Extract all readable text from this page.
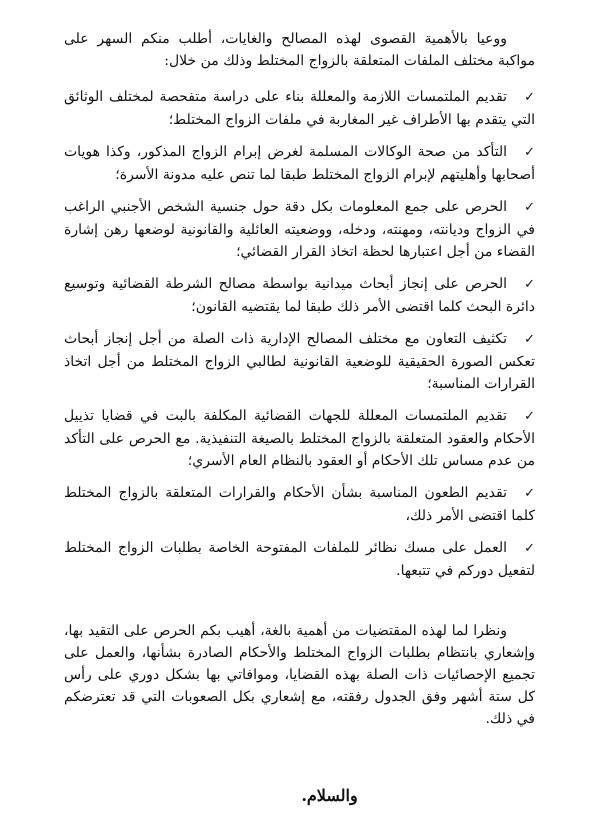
ووعيا بالأهمية القصوى لهذه المصالح والغايات، أطلب منكم السهر على مواكبة مختلف الملفات المتعلقة بالزواج المختلط وذلك من خلال:

✓تقديم الملتمسات اللازمة والمعللة بناء على دراسة متفحصة لمختلف الوثائق التي يتقدم بها الأطراف غير المغاربة في ملفات الزواج المختلط؛
✓التأكد من صحة الوكالات المسلمة لغرض إبرام الزواج المذكور، وكذا هويات أصحابها وأهليتهم لإبرام الزواج المختلط طبقا لما تنص عليه مدونة الأسرة؛
✓الحرص على جمع المعلومات بكل دقة حول جنسية الشخص الأجنبي الراغب في الزواج وديانته، ومهنته، ودخله، ووضعيته العائلية والقانونية لوضعها رهن إشارة القضاء من أجل اعتبارها لحظة اتخاذ القرار القضائي؛
✓الحرص على إنجاز أبحاث ميدانية بواسطة مصالح الشرطة القضائية وتوسيع دائرة البحث كلما اقتضى الأمر ذلك طبقا لما يقتضيه القانون؛
✓تكثيف التعاون مع مختلف المصالح الإدارية ذات الصلة من أجل إنجاز أبحاث تعكس الصورة الحقيقية للوضعية القانونية لطالبي الزواج المختلط من أجل اتخاذ القرارات المناسبة؛
✓تقديم الملتمسات المعللة للجهات القضائية المكلفة بالبت في قضايا تذييل الأحكام والعقود المتعلقة بالزواج المختلط بالصيغة التنفيذية. مع الحرص على التأكد من عدم مساس تلك الأحكام أو العقود بالنظام العام الأسري؛
✓تقديم الطعون المناسبة بشأن الأحكام والقرارات المتعلقة بالزواج المختلط كلما اقتضى الأمر ذلك،
✓العمل على مسك نظائر للملفات المفتوحة الخاصة بطلبات الزواج المختلط لتفعيل دوركم في تتبعها.

ونظرا لما لهذه المقتضيات من أهمية بالغة، أهيب بكم الحرص على التقيد بها، وإشعاري بانتظام بطلبات الزواج المختلط والأحكام الصادرة بشأنها، والعمل على تجميع الإحصائيات ذات الصلة بهذه القضايا، وموافاتي بها بشكل دوري على رأس كل ستة أشهر وفق الجدول رفقته، مع إشعاري بكل الصعوبات التي قد تعترضكم في ذلك.

والسلام.
